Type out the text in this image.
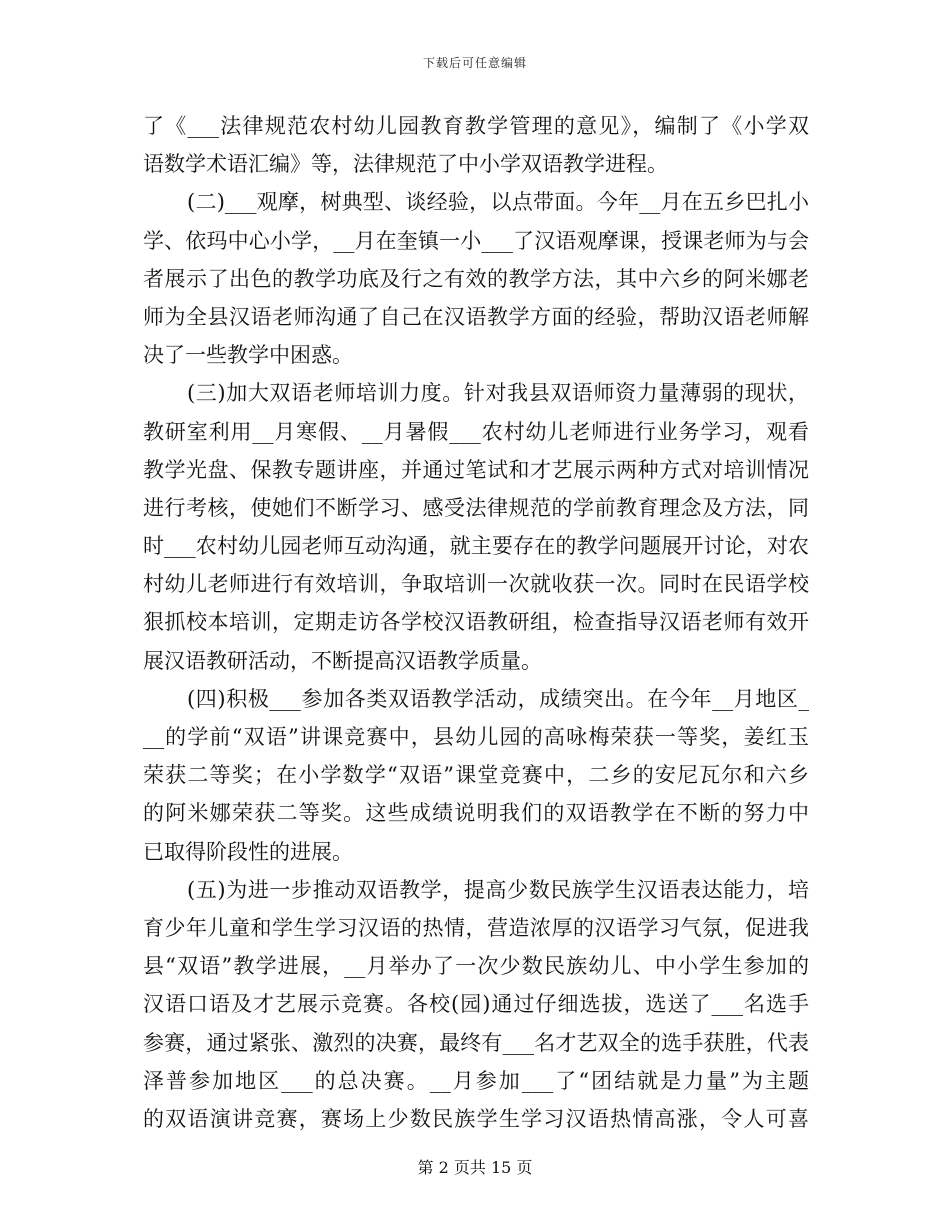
下载后可任意编辑
了《___法律规范农村幼儿园教育教学管理的意见》，编制了《小学双
语数学术语汇编》等，法律规范了中小学双语教学进程。
(二)___观摩，树典型、谈经验，以点带面。今年__月在五乡巴扎小
学、依玛中心小学，__月在奎镇一小___了汉语观摩课，授课老师为与会
者展示了出色的教学功底及行之有效的教学方法，其中六乡的阿米娜老
师为全县汉语老师沟通了自己在汉语教学方面的经验，帮助汉语老师解
决了一些教学中困惑。
(三)加大双语老师培训力度。针对我县双语师资力量薄弱的现状，
教研室利用__月寒假、__月暑假___农村幼儿老师进行业务学习，观看
教学光盘、保教专题讲座，并通过笔试和才艺展示两种方式对培训情况
进行考核，使她们不断学习、感受法律规范的学前教育理念及方法，同
时___农村幼儿园老师互动沟通，就主要存在的教学问题展开讨论，对农
村幼儿老师进行有效培训，争取培训一次就收获一次。同时在民语学校
狠抓校本培训，定期走访各学校汉语教研组，检查指导汉语老师有效开
展汉语教研活动，不断提高汉语教学质量。
(四)积极___参加各类双语教学活动，成绩突出。在今年__月地区_
__的学前“双语”讲课竞赛中，县幼儿园的高咏梅荣获一等奖，姜红玉
荣获二等奖；在小学数学“双语”课堂竞赛中，二乡的安尼瓦尔和六乡
的阿米娜荣获二等奖。这些成绩说明我们的双语教学在不断的努力中
已取得阶段性的进展。
(五)为进一步推动双语教学，提高少数民族学生汉语表达能力，培
育少年儿童和学生学习汉语的热情，营造浓厚的汉语学习气氛，促进我
县“双语”教学进展，__月举办了一次少数民族幼儿、中小学生参加的
汉语口语及才艺展示竞赛。各校(园)通过仔细选拔，选送了___名选手
参赛，通过紧张、激烈的决赛，最终有___名才艺双全的选手获胜，代表
泽普参加地区___的总决赛。__月参加___了“团结就是力量”为主题
的双语演讲竞赛，赛场上少数民族学生学习汉语热情高涨，令人可喜
第 2 页共 15 页
